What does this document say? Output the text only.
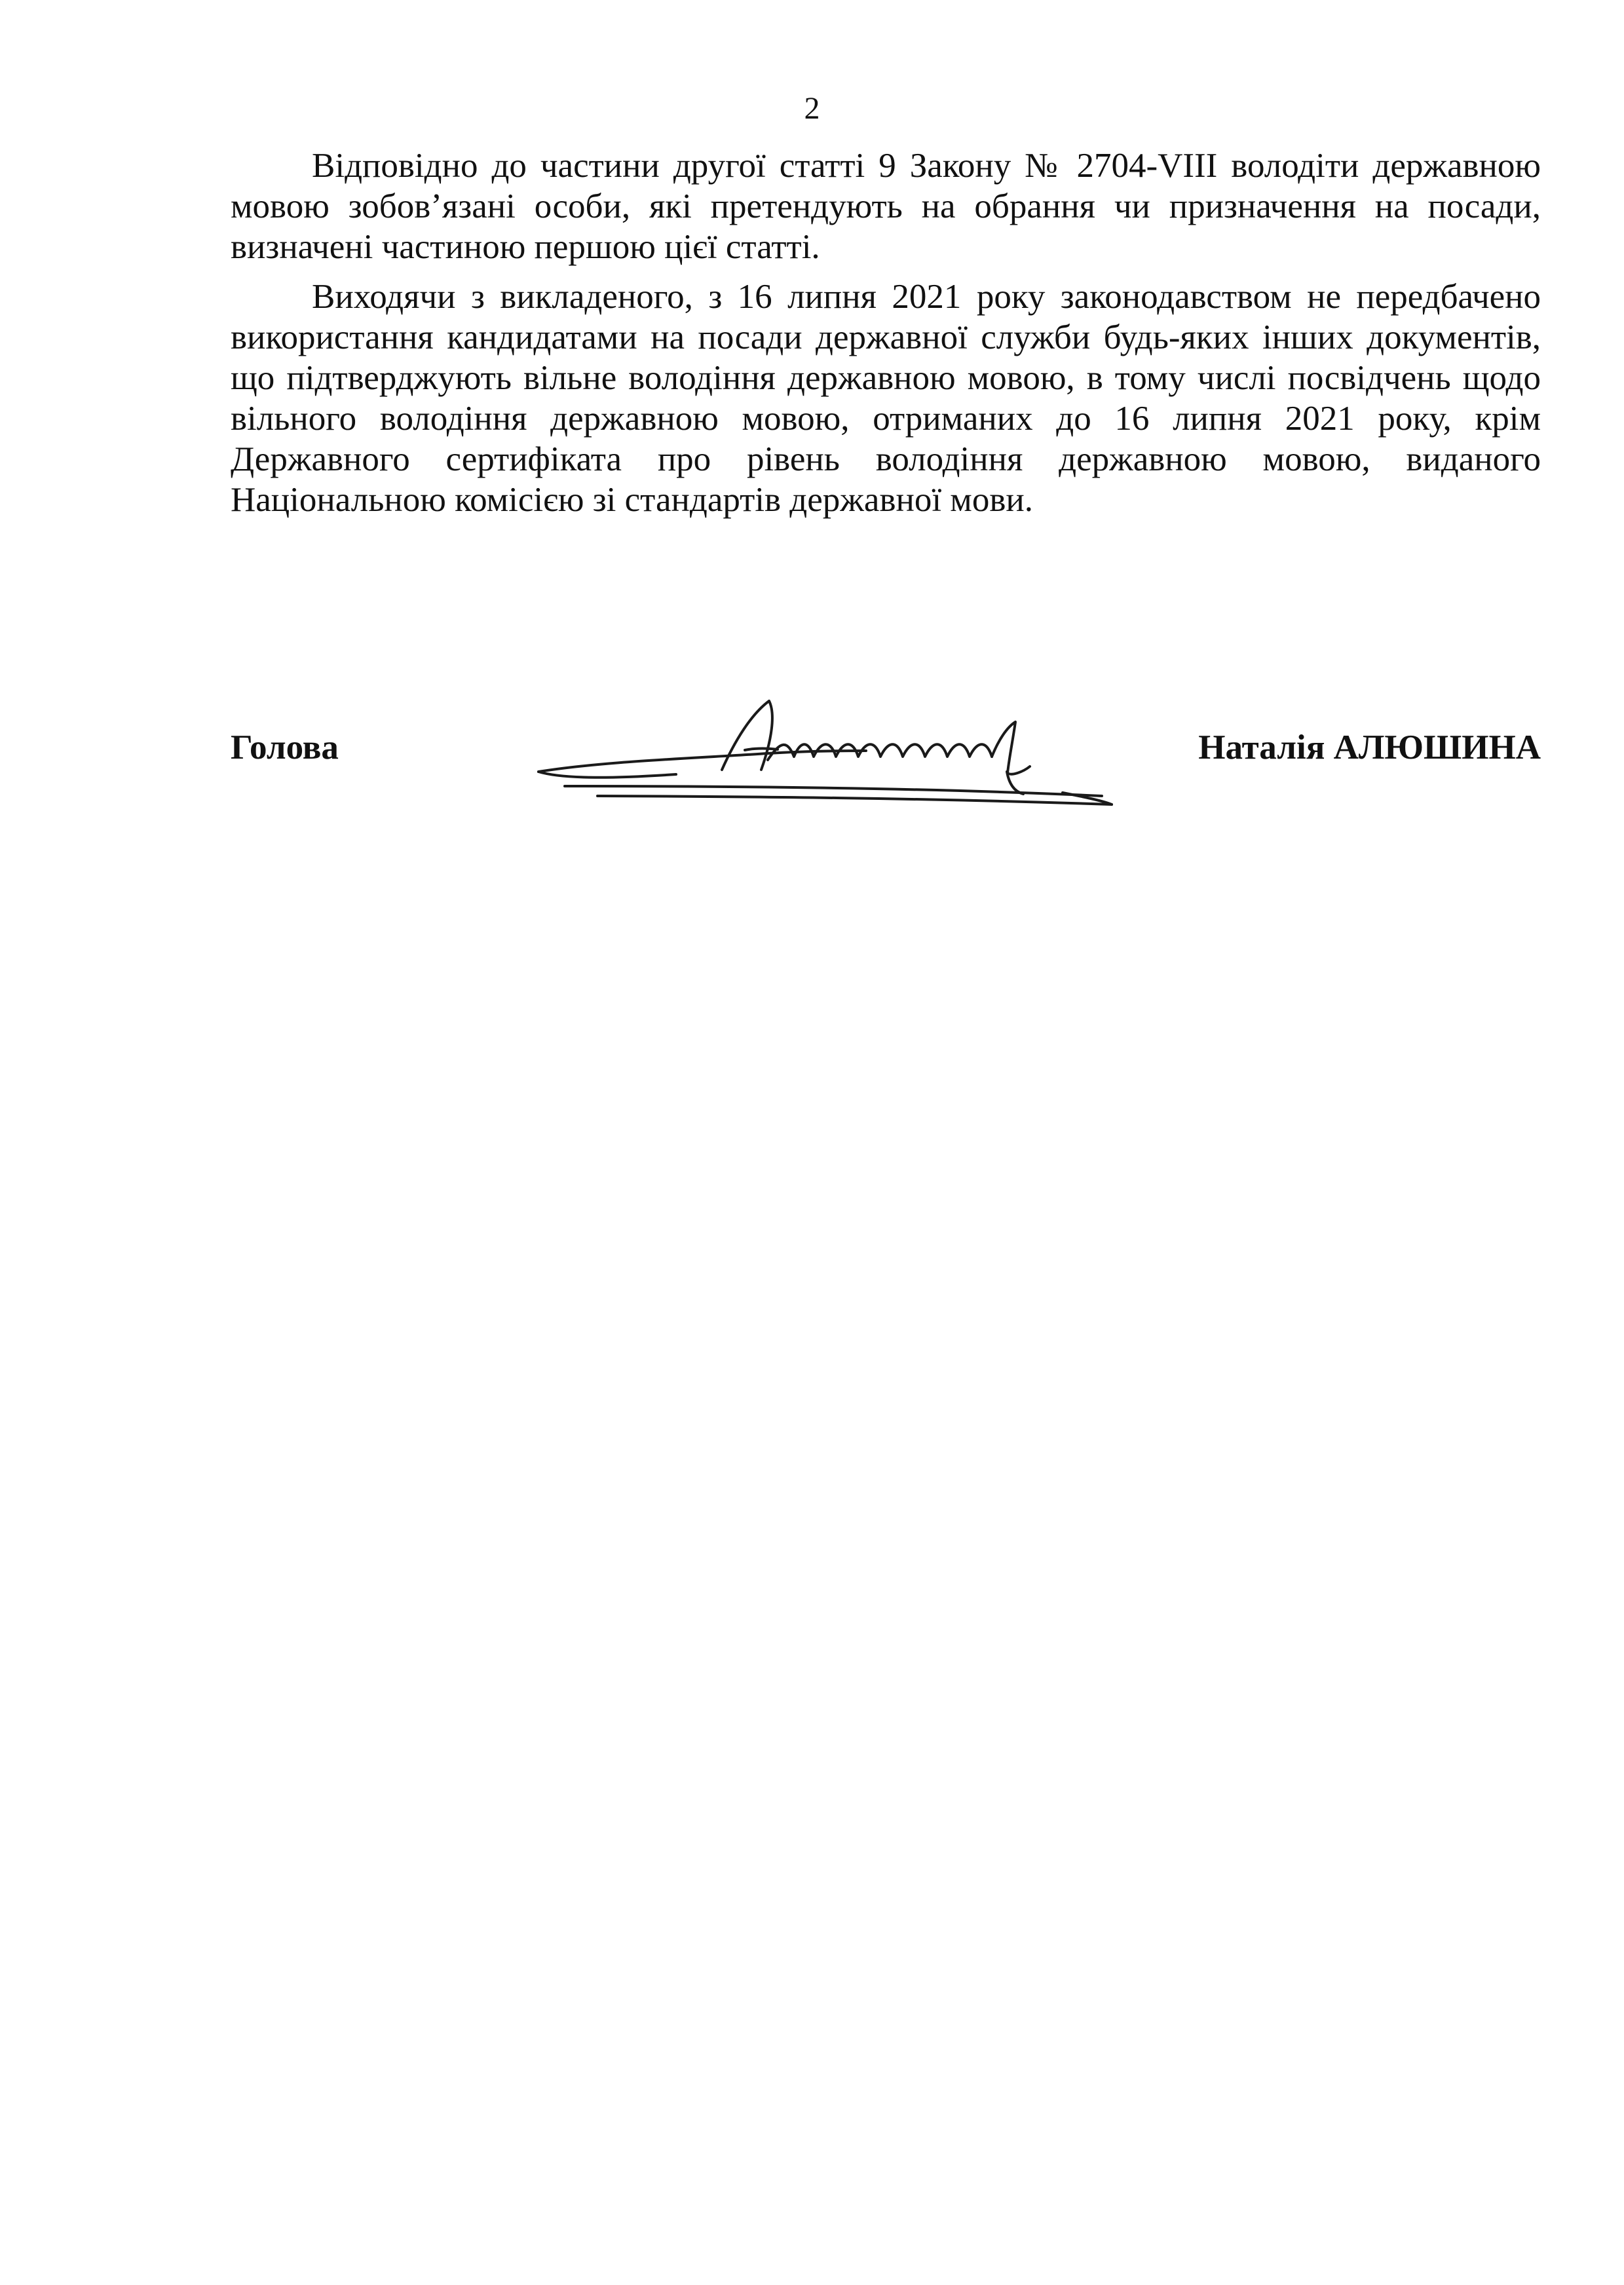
2

Відповідно до частини другої статті 9 Закону № 2704-VIII володіти державною мовою зобов’язані особи, які претендують на обрання чи призначення на посади, визначені частиною першою цієї статті.

Виходячи з викладеного, з 16 липня 2021 року законодавством не передбачено використання кандидатами на посади державної служби будь-яких інших документів, що підтверджують вільне володіння державною мовою, в тому числі посвідчень щодо вільного володіння державною мовою, отриманих до 16 липня 2021 року, крім Державного сертифіката про рівень володіння державною мовою, виданого Національною комісією зі стандартів державної мови.

Голова	Наталія АЛЮШИНА
